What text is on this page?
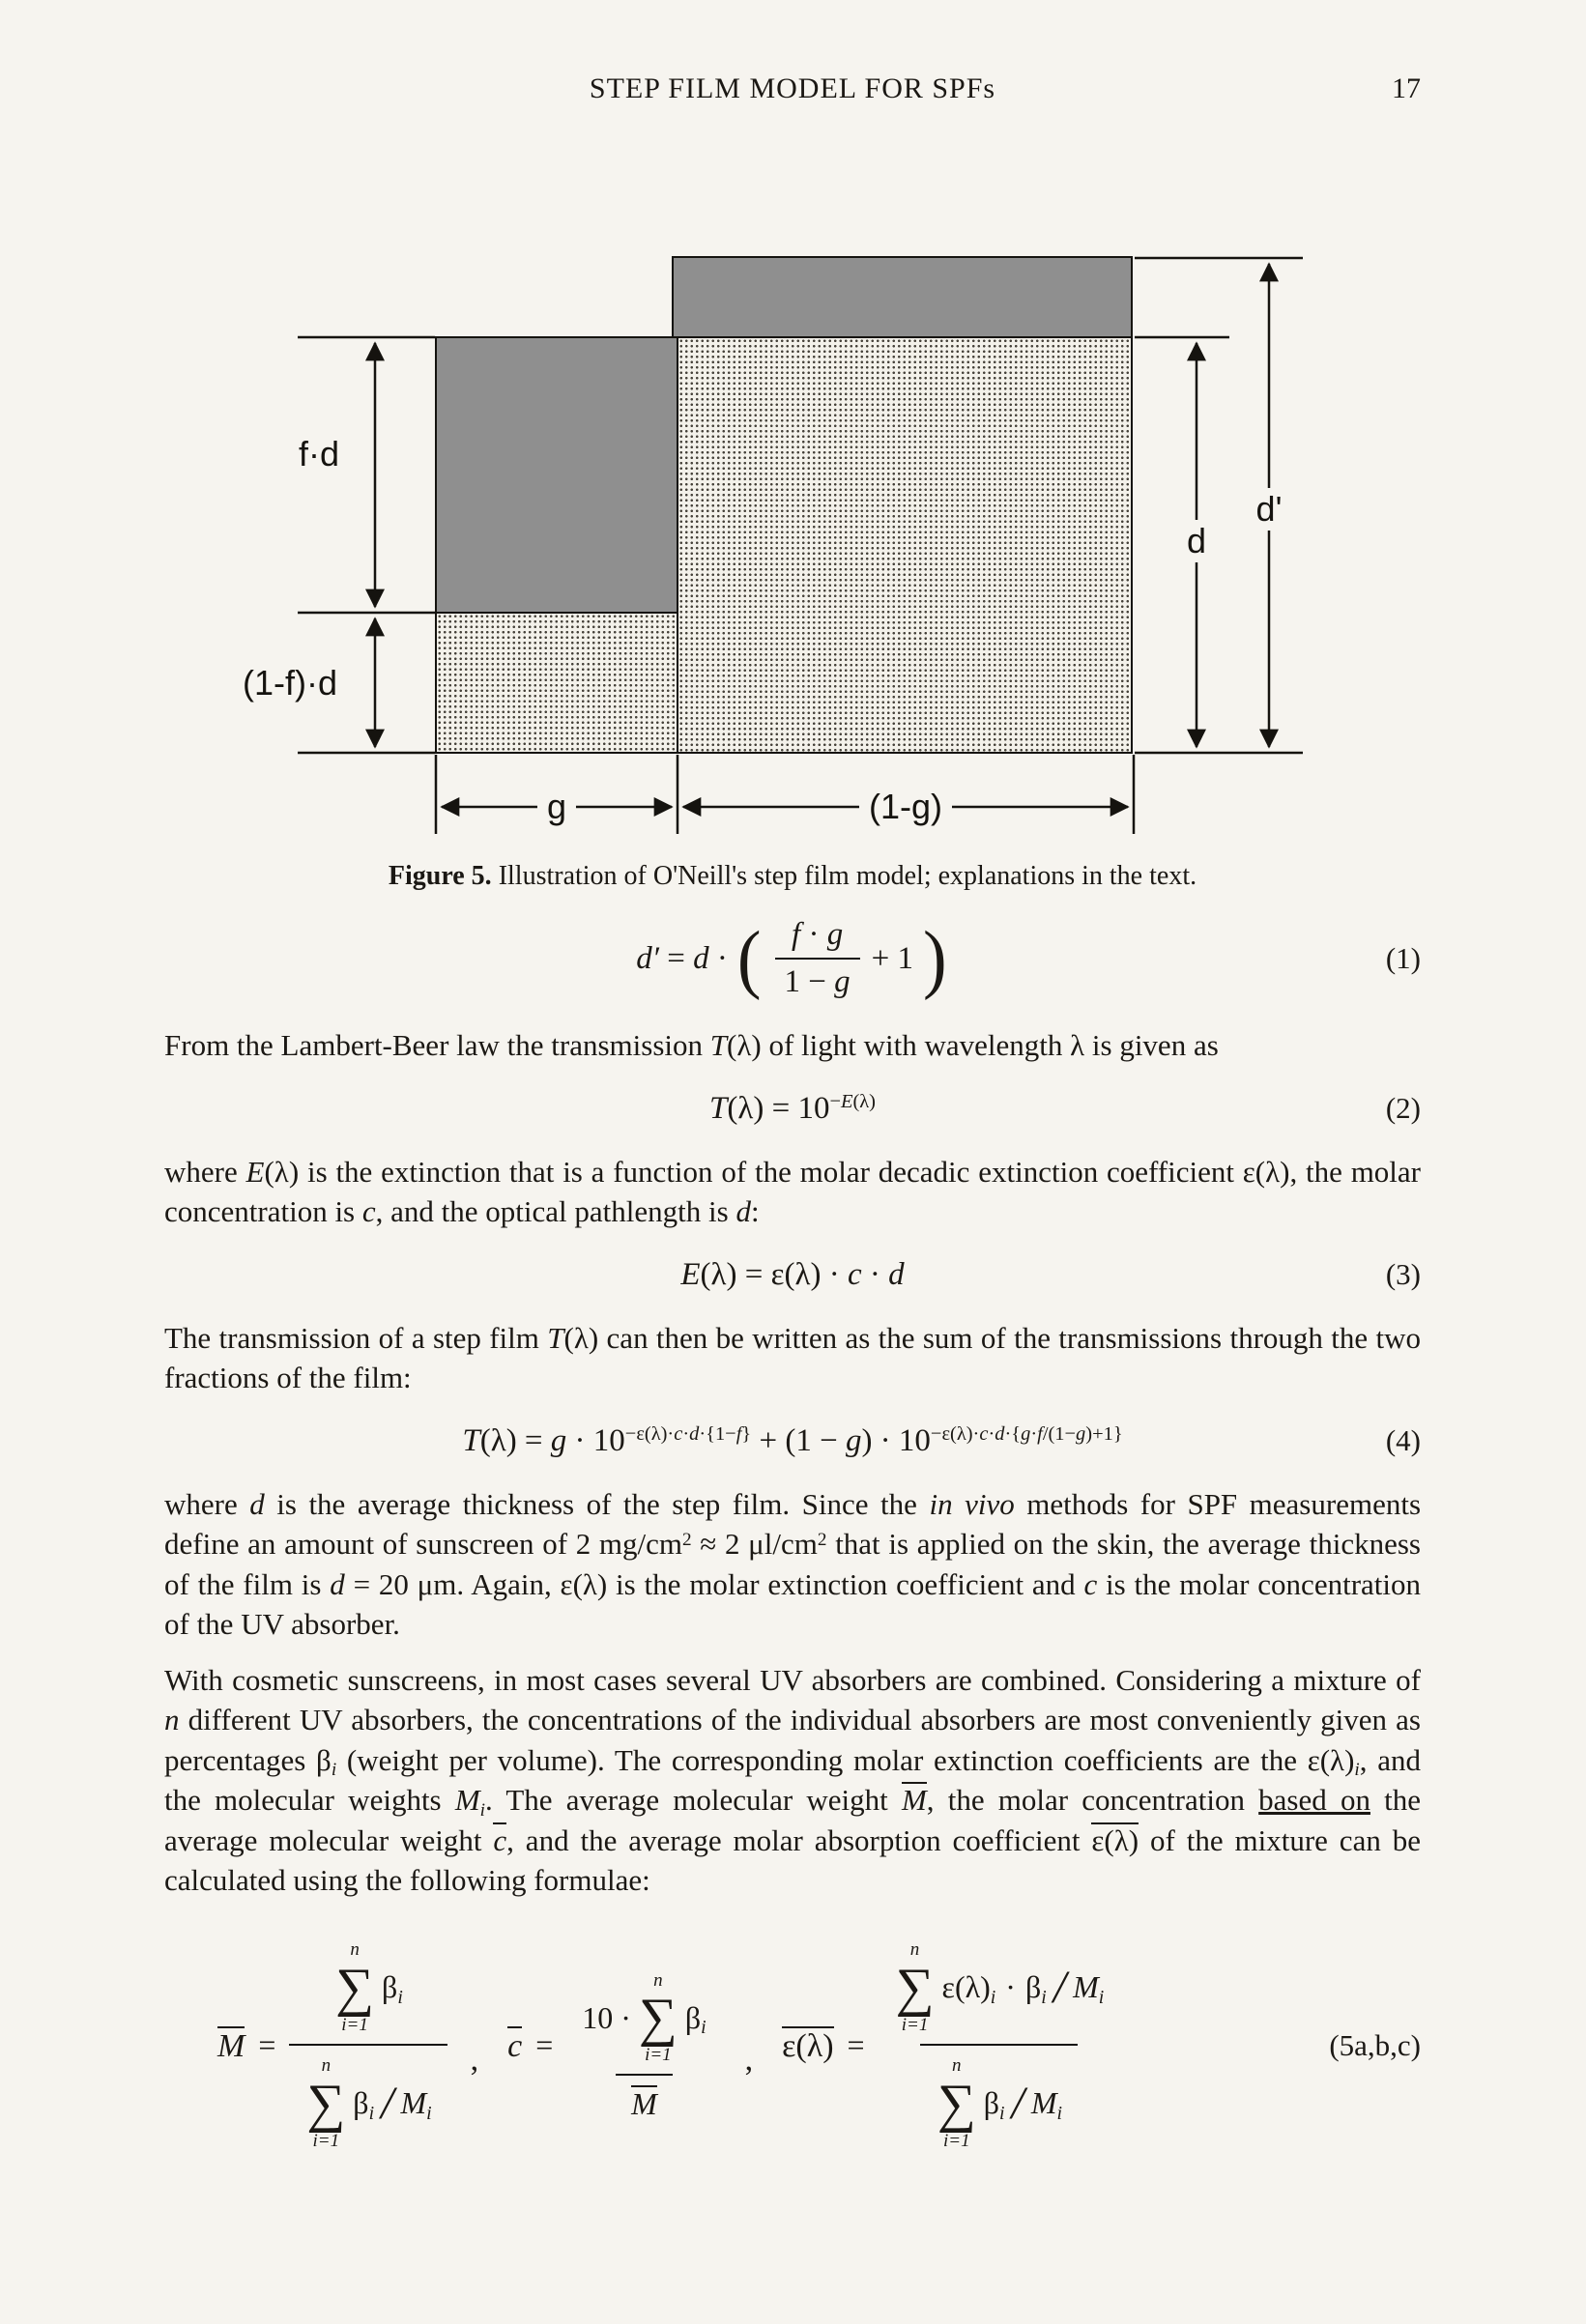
STEP FILM MODEL FOR SPFs	17
f·d
(1-f)·d
d
d'
g	(1-g)
Figure 5. Illustration of O'Neill's step film model; explanations in the text.
d′ = d · ( $\frac{f \cdot g}{1 - g} + 1$ )	(1)

From the Lambert-Beer law the transmission T(λ) of light with wavelength λ is given as

$T(\lambda) = 10^{-E(\lambda)}$	(2)

where E(λ) is the extinction that is a function of the molar decadic extinction coefficient ε(λ), the molar concentration is c, and the optical pathlength is d:

E(λ) = ε(λ) · c · d	(3)

The transmission of a step film T(λ) can then be written as the sum of the transmissions through the two fractions of the film:

$T(\lambda) = g \cdot 10^{-\varepsilon(\lambda)\cdot c\cdot d\cdot\{1-f\}} + (1 - g) \cdot 10^{-\varepsilon(\lambda)\cdot c\cdot d\cdot\{g\cdot f/(1-g)+1\}}$	(4)

where d is the average thickness of the step film. Since the in vivo methods for SPF measurements define an amount of sunscreen of 2 $mg/cm^2 \approx 2$ $\mu l/cm^2$ that is applied on the skin, the average thickness of the film is d = 20 μm. Again, ε(λ) is the molar extinction coefficient and c is the molar concentration of the UV absorber.

With cosmetic sunscreens, in most cases several UV absorbers are combined. Considering a mixture of n different UV absorbers, the concentrations of the individual absorbers are most conveniently given as percentages βi (weight per volume). The corresponding molar extinction coefficients are the ε(λ)i, and the molecular weights Mi. The average molecular weight M, the molar concentration based on the average molecular weight c, and the average molar absorption coefficient ε(λ) of the mixture can be calculated using the following formulae:

M =
n
∑
i=1
βi
n
∑
i=1
βi / Mi
, c =
10 ·
n
∑
i=1
βi
M
, ε(λ) =
n
∑
i=1
ε(λ)i · βi / Mi
n
∑
i=1
βi / Mi
(5a,b,c)
